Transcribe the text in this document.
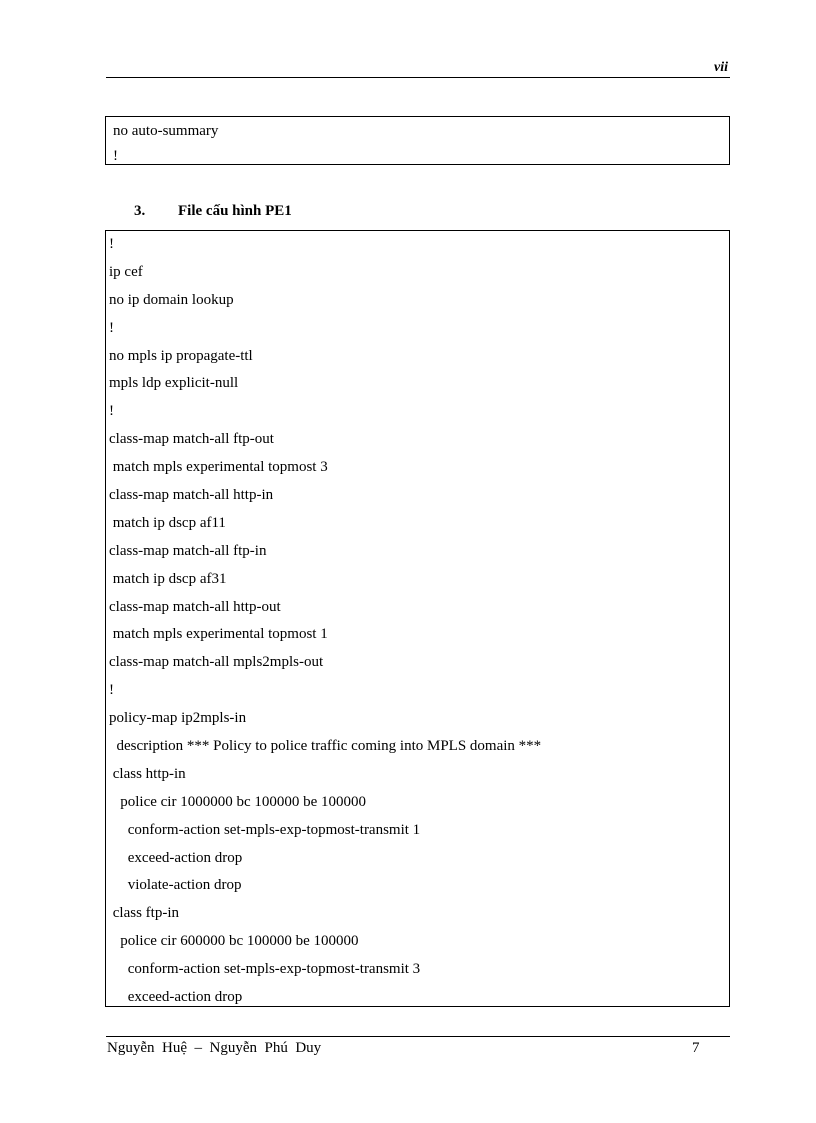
vii
no auto-summary
!
3. File cấu hình PE1
!
ip cef
no ip domain lookup
!
no mpls ip propagate-ttl
mpls ldp explicit-null
!
class-map match-all ftp-out
match mpls experimental topmost 3
class-map match-all http-in
match ip dscp af11
class-map match-all ftp-in
match ip dscp af31
class-map match-all http-out
match mpls experimental topmost 1
class-map match-all mpls2mpls-out
!
policy-map ip2mpls-in
description *** Policy to police traffic coming into MPLS domain ***
class http-in
police cir 1000000 bc 100000 be 100000
conform-action set-mpls-exp-topmost-transmit 1
exceed-action drop
violate-action drop
class ftp-in
police cir 600000 bc 100000 be 100000
conform-action set-mpls-exp-topmost-transmit 3
exceed-action drop
Nguyễn  Huệ  –  Nguyễn  Phú  Duy	7
